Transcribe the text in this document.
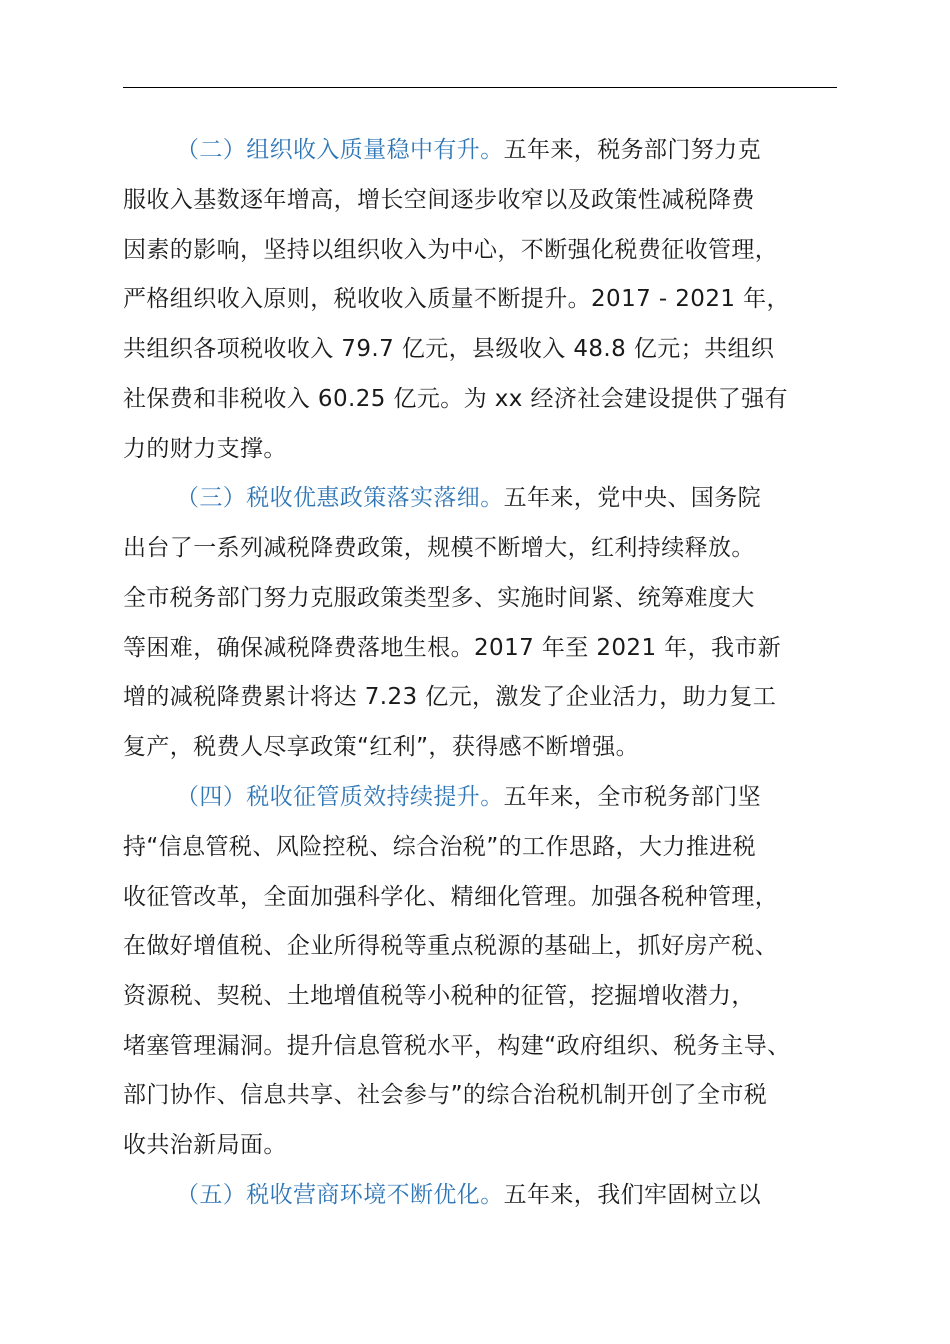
（二）组织收入质量稳中有升。五年来，税务部门努力克
服收入基数逐年增高，增长空间逐步收窄以及政策性减税降费
因素的影响，坚持以组织收入为中心，不断强化税费征收管理，
严格组织收入原则，税收收入质量不断提升。2017 - 2021 年，
共组织各项税收收入 79.7 亿元，县级收入 48.8 亿元；共组织
社保费和非税收入 60.25 亿元。为 xx 经济社会建设提供了强有
力的财力支撑。
（三）税收优惠政策落实落细。五年来，党中央、国务院
出台了一系列减税降费政策，规模不断增大，红利持续释放。
全市税务部门努力克服政策类型多、实施时间紧、统筹难度大
等困难，确保减税降费落地生根。2017 年至 2021 年，我市新
增的减税降费累计将达 7.23 亿元，激发了企业活力，助力复工
复产，税费人尽享政策“红利”，获得感不断增强。
（四）税收征管质效持续提升。五年来，全市税务部门坚
持“信息管税、风险控税、综合治税”的工作思路，大力推进税
收征管改革，全面加强科学化、精细化管理。加强各税种管理，
在做好增值税、企业所得税等重点税源的基础上，抓好房产税、
资源税、契税、土地增值税等小税种的征管，挖掘增收潜力，
堵塞管理漏洞。提升信息管税水平，构建“政府组织、税务主导、
部门协作、信息共享、社会参与”的综合治税机制开创了全市税
收共治新局面。
（五）税收营商环境不断优化。五年来，我们牢固树立以
